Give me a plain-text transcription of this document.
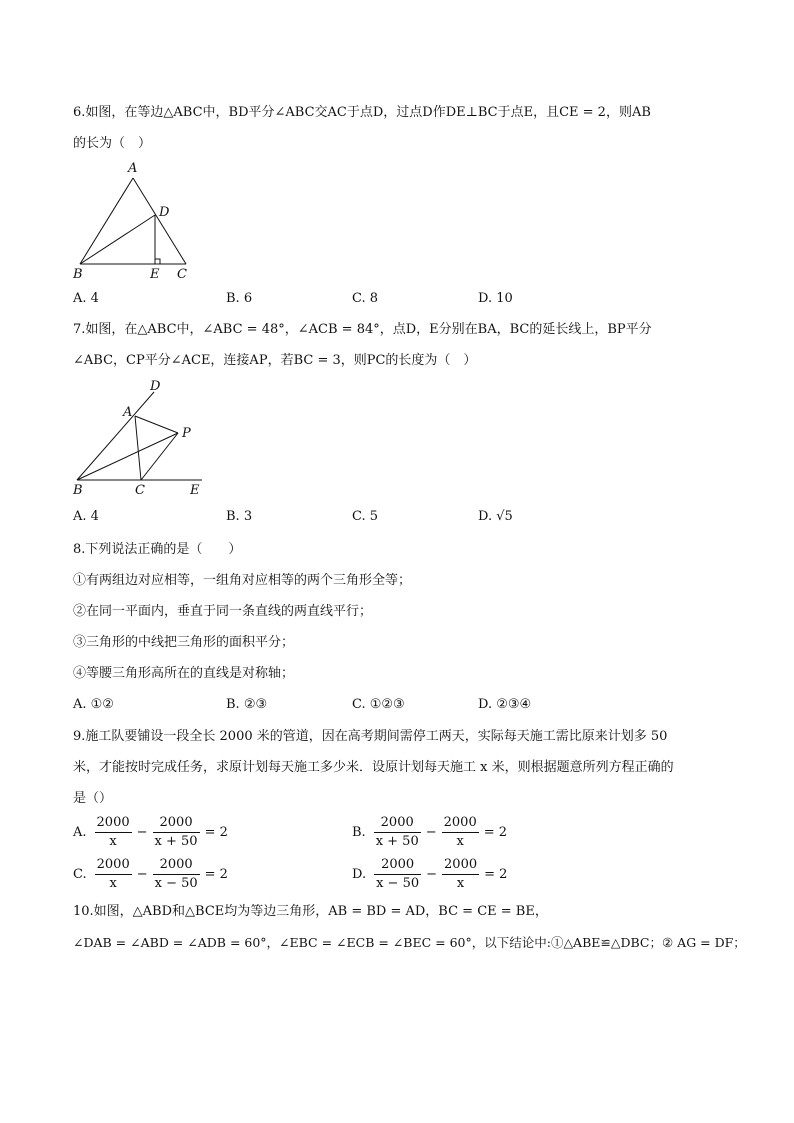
6.如图，在等边△ABC中，BD平分∠ABC交AC于点D，过点D作DE⊥BC于点E，且CE = 2，则AB
的长为（　）
A
D
B	E C
A. 4	B. 6	C. 8	D. 10
7.如图，在△ABC中，∠ABC = 48°，∠ACB = 84°，点D，E分别在BA，BC的延长线上，BP平分
∠ABC，CP平分∠ACE，连接AP，若BC = 3，则PC的长度为（　）
D
A
P
B	C	E
A. 4	B. 3	C. 5	D. √5
8.下列说法正确的是（　　）
①有两组边对应相等，一组角对应相等的两个三角形全等；
②在同一平面内，垂直于同一条直线的两直线平行；
③三角形的中线把三角形的面积平分；
④等腰三角形高所在的直线是对称轴；
A. ①②	B. ②③	C. ①②③	D. ②③④
9.施工队要铺设一段全长 2000 米的管道，因在高考期间需停工两天，实际每天施工需比原来计划多 50
米，才能按时完成任务，求原计划每天施工多少米．设原计划每天施工 x 米，则根据题意所列方程正确的
是（）
A. $\frac{2000}{x} - \frac{2000}{x + 50} = 2$	B. $\frac{2000}{x + 50} - \frac{2000}{x} = 2$
C. $\frac{2000}{x} - \frac{2000}{x - 50} = 2$	D. $\frac{2000}{x - 50} - \frac{2000}{x} = 2$
10.如图，△ABD和△BCE均为等边三角形，AB = BD = AD，BC = CE = BE，
∠DAB = ∠ABD = ∠ADB = 60°，∠EBC = ∠ECB = ∠BEC = 60°，以下结论中:①△ABE≌△DBC；② AG = DF；
